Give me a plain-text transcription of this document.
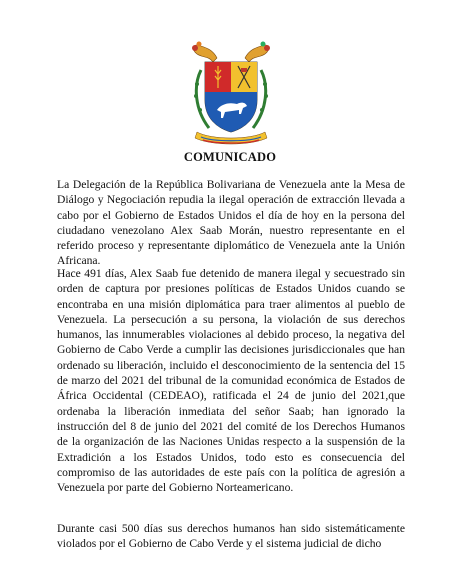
COMUNICADO

La Delegación de la República Bolivariana de Venezuela ante la Mesa de Diálogo y Negociación repudia la ilegal operación de extracción llevada a cabo por el Gobierno de Estados Unidos el día de hoy en la persona del ciudadano venezolano Alex Saab Morán, nuestro representante en el referido proceso y representante diplomático de Venezuela ante la Unión Africana.

Hace 491 días, Alex Saab fue detenido de manera ilegal y secuestrado sin orden de captura por presiones políticas de Estados Unidos cuando se encontraba en una misión diplomática para traer alimentos al pueblo de Venezuela. La persecución a su persona, la violación de sus derechos humanos, las innumerables violaciones al debido proceso, la negativa del Gobierno de Cabo Verde a cumplir las decisiones jurisdiccionales que han ordenado su liberación, incluido el desconocimiento de la sentencia del 15 de marzo del 2021 del tribunal de la comunidad económica de Estados de África Occidental (CEDEAO), ratificada el 24 de junio del 2021,que ordenaba la liberación inmediata del señor Saab; han ignorado la instrucción del 8 de junio del 2021 del comité de los Derechos Humanos de la organización de las Naciones Unidas respecto a la suspensión de la Extradición a los Estados Unidos, todo esto es consecuencia del compromiso de las autoridades de este país con la política de agresión a Venezuela por parte del Gobierno Norteamericano.

Durante casi 500 días sus derechos humanos han sido sistemáticamente violados por el Gobierno de Cabo Verde y el sistema judicial de dicho
